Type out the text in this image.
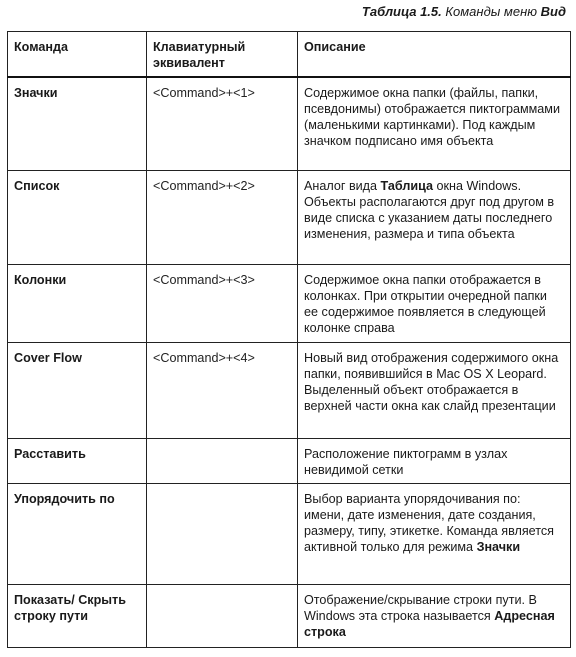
Таблица 1.5. Команды меню Вид
Команда	Клавиатурный эквивалент	Описание
Значки	<Command>+<1>	Содержимое окна папки (файлы, папки, псевдонимы) отображается пиктограммами (маленькими картинками). Под каждым значком подписано имя объекта
Список	<Command>+<2>	Аналог вида Таблица окна Windows. Объекты располагаются друг под другом в виде списка с указанием даты последнего изменения, размера и типа объекта
Колонки	<Command>+<3>	Содержимое окна папки отображается в колонках. При открытии очередной папки ее содержимое появляется в следующей колонке справа
Cover Flow	<Command>+<4>	Новый вид отображения содержимого окна папки, появившийся в Mac OS X Leopard. Выделенный объект отображается в верхней части окна как слайд презентации
Расставить		Расположение пиктограмм в узлах невидимой сетки
Упорядочить по		Выбор варианта упорядочивания по: имени, дате изменения, дате создания, размеру, типу, этикетке. Команда является активной только для режима Значки
Показать/ Скрыть строку пути		Отображение/скрывание строки пути. В Windows эта строка называется Адресная строка
